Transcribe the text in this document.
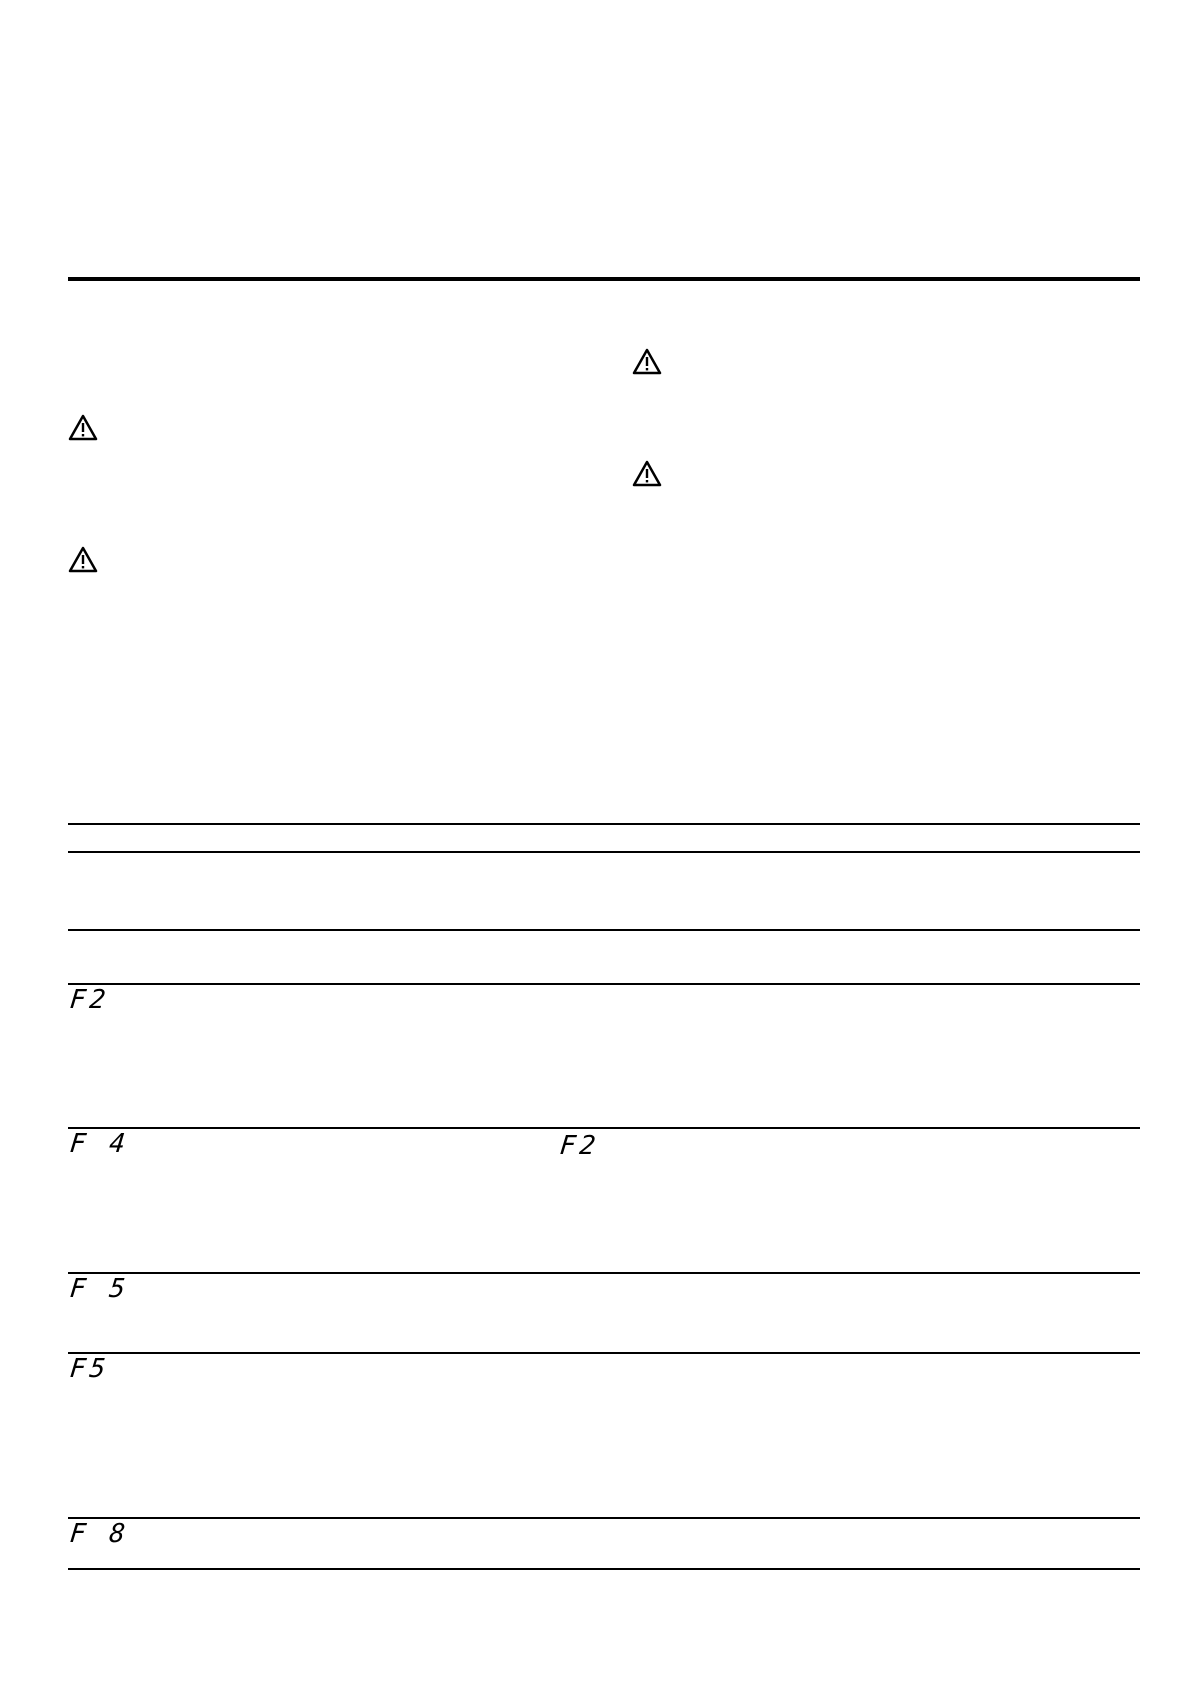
F2
F 4	F2
F 5
F5
F 8
